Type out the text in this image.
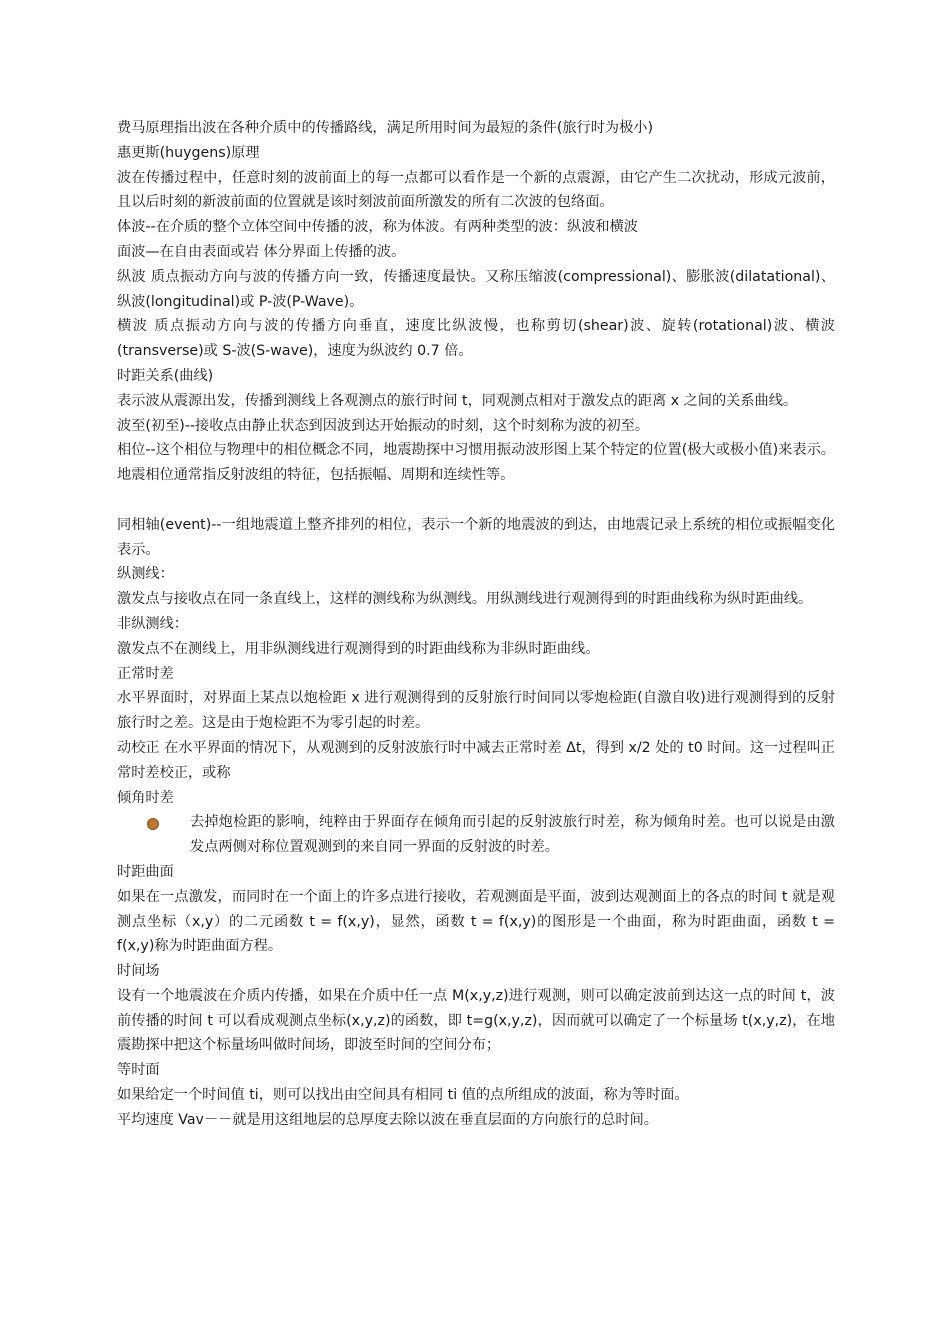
费马原理指出波在各种介质中的传播路线，满足所用时间为最短的条件(旅行时为极小)

惠更斯(huygens)原理

波在传播过程中，任意时刻的波前面上的每一点都可以看作是一个新的点震源，由它产生二次扰动，形成元波前，且以后时刻的新波前面的位置就是该时刻波前面所激发的所有二次波的包络面。

体波--在介质的整个立体空间中传播的波，称为体波。有两种类型的波：纵波和横波

面波—在自由表面或岩 体分界面上传播的波。

纵波 质点振动方向与波的传播方向一致，传播速度最快。又称压缩波(compressional)、膨胀波(dilatational)、纵波(longitudinal)或 P-波(P-Wave)。

横波 质点振动方向与波的传播方向垂直，速度比纵波慢，也称剪切(shear)波、旋转(rotational)波、横波(transverse)或 S-波(S-wave)，速度为纵波约 0.7 倍。

时距关系(曲线)

表示波从震源出发，传播到测线上各观测点的旅行时间 t，同观测点相对于激发点的距离 x 之间的关系曲线。

波至(初至)--接收点由静止状态到因波到达开始振动的时刻，这个时刻称为波的初至。

相位--这个相位与物理中的相位概念不同，地震勘探中习惯用振动波形图上某个特定的位置(极大或极小值)来表示。地震相位通常指反射波组的特征，包括振幅、周期和连续性等。

同相轴(event)--一组地震道上整齐排列的相位，表示一个新的地震波的到达，由地震记录上系统的相位或振幅变化表示。

纵测线：

激发点与接收点在同一条直线上，这样的测线称为纵测线。用纵测线进行观测得到的时距曲线称为纵时距曲线。

非纵测线：

激发点不在测线上，用非纵测线进行观测得到的时距曲线称为非纵时距曲线。

正常时差

水平界面时，对界面上某点以炮检距 x 进行观测得到的反射旅行时间同以零炮检距(自激自收)进行观测得到的反射旅行时之差。这是由于炮检距不为零引起的时差。

动校正 在水平界面的情况下，从观测到的反射波旅行时中减去正常时差 Δt，得到 x/2 处的 t0 时间。这一过程叫正常时差校正，或称

倾角时差

去掉炮检距的影响，纯粹由于界面存在倾角而引起的反射波旅行时差，称为倾角时差。也可以说是由激发点两侧对称位置观测到的来自同一界面的反射波的时差。

时距曲面

如果在一点激发，而同时在一个面上的许多点进行接收，若观测面是平面，波到达观测面上的各点的时间 t 就是观测点坐标（x,y）的二元函数 t = f(x,y)，显然，函数 t = f(x,y)的图形是一个曲面，称为时距曲面，函数 t = f(x,y)称为时距曲面方程。

时间场

设有一个地震波在介质内传播，如果在介质中任一点 M(x,y,z)进行观测，则可以确定波前到达这一点的时间 t，波前传播的时间 t 可以看成观测点坐标(x,y,z)的函数，即 t=g(x,y,z)，因而就可以确定了一个标量场 t(x,y,z)，在地震勘探中把这个标量场叫做时间场，即波至时间的空间分布；

等时面

如果给定一个时间值 ti，则可以找出由空间具有相同 ti 值的点所组成的波面，称为等时面。

平均速度 Vav－－就是用这组地层的总厚度去除以波在垂直层面的方向旅行的总时间。
